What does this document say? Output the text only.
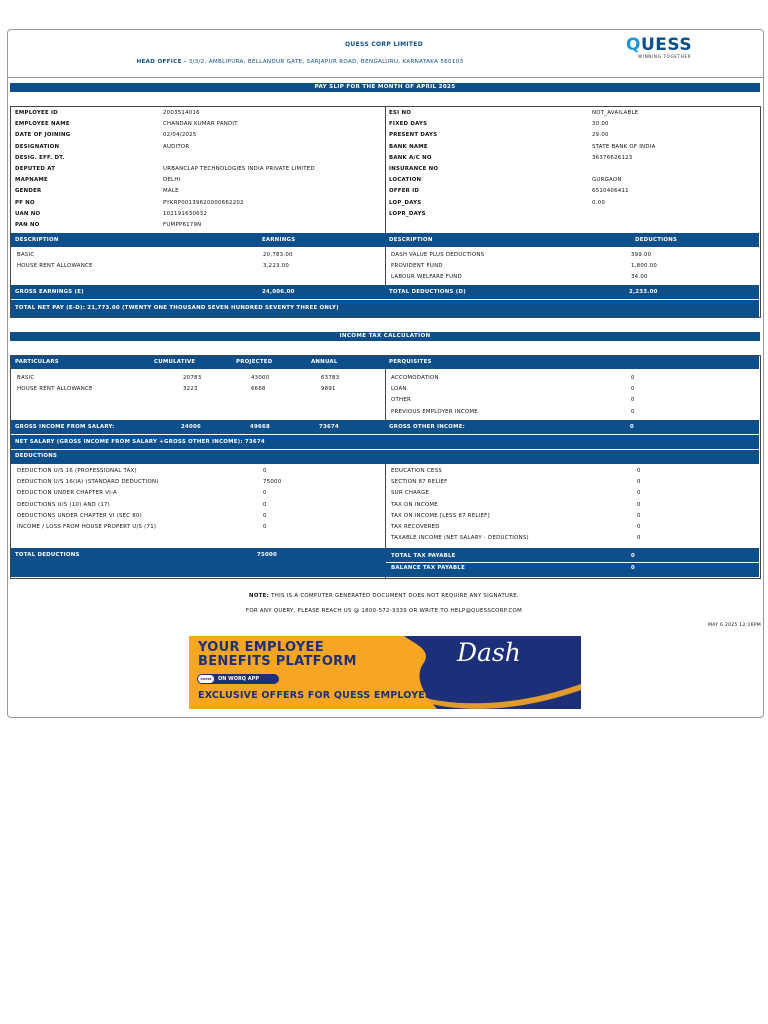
QUESS CORP LIMITED
HEAD OFFICE - 3/3/2, AMBLIPURA, BELLANDUR GATE, SARJAPUR ROAD, BENGALURU, KARNATAKA 560103
QUESS
WINNING TOGETHER
PAY SLIP FOR THE MONTH OF APRIL 2025
EMPLOYEE ID	2003514016
EMPLOYEE NAME	CHANDAN KUMAR PANDIT
DATE OF JOINING	02/04/2025
DESIGNATION	AUDITOR
DESIG. EFF. DT.
DEPUTED AT	URBANCLAP TECHNOLOGIES INDIA PRIVATE LIMITED
MAPNAME	DELHI
GENDER	MALE
PF NO	PYKRP00139620000662202
UAN NO	102191630632
PAN NO	FUMPP6179N
ESI NO	NOT_AVAILABLE
FIXED DAYS	30.00
PRESENT DAYS	29.00
BANK NAME	STATE BANK OF INDIA
BANK A/C NO	36376626123
INSURANCE NO
LOCATION	GURGAON
OFFER ID	6510406411
LOP_DAYS	0.00
LOPR_DAYS
DESCRIPTION	EARNINGS	DESCRIPTION	DEDUCTIONS
BASIC	20,783.00
HOUSE RENT ALLOWANCE	3,223.00
DASH VALUE PLUS DEDUCTIONS	399.00
PROVIDENT FUND	1,800.00
LABOUR WELFARE FUND	34.00
GROSS EARNINGS (E)	24,006.00	TOTAL DEDUCTIONS (D)	2,233.00
TOTAL NET PAY (E-D): 21,773.00 (TWENTY ONE THOUSAND SEVEN HUNDRED SEVENTY THREE ONLY)
INCOME TAX CALCULATION
PARTICULARS	CUMULATIVE	PROJECTED	ANNUAL	PERQUISITES
BASIC	20783	43000	63783
HOUSE RENT ALLOWANCE	3223	6668	9891
ACCOMODATION	0
LOAN	0
OTHER	0
PREVIOUS EMPLOYER INCOME	0
GROSS INCOME FROM SALARY:	24006	49668	73674	GROSS OTHER INCOME:	0
NET SALARY (GROSS INCOME FROM SALARY +GROSS OTHER INCOME): 73674
DEDUCTIONS
DEDUCTION U/S 16 (PROFESSIONAL TAX)	0
DEDUCTION U/S 16(IA) (STANDARD DEDUCTION)	75000
DEDUCTION UNDER CHAPTER VI-A	0
DEDUCTIONS U/S (10) AND (17)	0
DEDUCTIONS UNDER CHAPTER VI (SEC 80)	0
INCOME / LOSS FROM HOUSE PROPERT U/S (71)	0
EDUCATION CESS	0
SECTION 87 RELIEF	0
SUR CHARGE	0
TAX ON INCOME	0
TAX ON INCOME [LESS 87 RELIEF]	0
TAX RECOVERED	0
TAXABLE INCOME (NET SALARY - DEDUCTIONS)	0
TOTAL DEDUCTIONS	75000	TOTAL TAX PAYABLE	0
BALANCE TAX PAYABLE	0
NOTE: THIS IS A COMPUTER GENERATED DOCUMENT DOES NOT REQUIRE ANY SIGNATURE.
FOR ANY QUERY, PLEASE REACH US @ 1800-572-3339 OR WRITE TO HELP@QUESSCORP.COM
MAY 6 2025 12:16PM
YOUR EMPLOYEE
BENEFITS PLATFORM	Dash
QUESS	ON WORQ APP
EXCLUSIVE OFFERS FOR QUESS EMPLOYEES
